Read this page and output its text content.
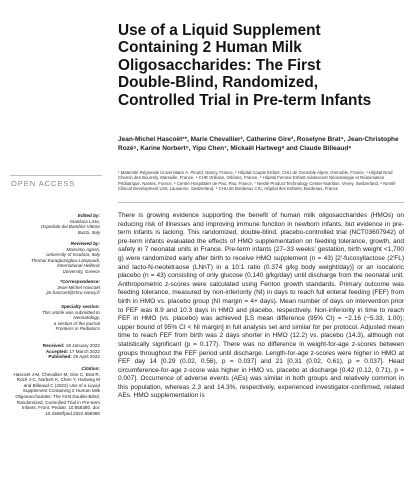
Use of a Liquid Supplement
Containing 2 Human Milk
Oligosaccharides: The First
Double-Blind, Randomized,
Controlled Trial in Pre-term Infants
Jean-Michel Hascoët¹*, Marie Chevallier², Catherine Gire³, Roselyne Brat⁴, Jean-Christophe Rozé⁵, Karine Norbert⁶, Yipu Chen⁷, Mickaël Hartweg⁸ and Claude Billeaud⁹
¹ Maternité Régionale Universitaire A. Pinard, Nancy, France, ² Hôpital Couple Enfant, CHU de Grenoble Alpes, Grenoble, France, ³ Hôpital Nord Chemin des Bourrely, Marseille, France, ⁴ CHR Orléans, Orléans, France, ⁵ Hôpital Femme Enfant Adolescent Néonatologie et Réanimation Pédiatrique, Nantes, France, ⁶ Centre Hospitalier de Pau, Pau, France, ⁷ Nestlé Product Technology Center-Nutrition, Vevey, Switzerland, ⁸ Nestlé Clinical Development Unit, Lausanne, Switzerland, ⁹ CHU de Bordeaux CIC, Hôpital des Enfants, Bordeaux, France
OPEN ACCESS
Edited by:
Gianluca Lista,
Ospedale dei Bambini Vittore
Buzzi, Italy
Reviewed by:
Massimo Agosti,
University of Insubria, Italy
Thomai Karagiozoglou-Lampoudi,
International Hellenic
University, Greece
*Correspondence:
Jean-Michel Hascoët
jm.hascoet@chru-nancy.fr
Specialty section:
This article was submitted to
Neonatology,
a section of the journal
Frontiers in Pediatrics
Received: 19 January 2022
Accepted: 17 March 2022
Published: 25 April 2022
Citation:
Hascoët J-M, Chevallier M, Gire C, Brat R, Rozé J-C, Norbert K, Chen Y, Hartweg M and Billeaud C (2022) Use of a Liquid Supplement Containing 2 Human Milk Oligosaccharides: The First Double-Blind, Randomized, Controlled Trial in Pre-term Infants. Front. Pediatr. 10:858380. doi: 10.3389/fped.2022.858380

There is growing evidence supporting the benefit of human milk oligosaccharides (HMOs) on reducing risk of illnesses and improving immune function in newborn infants, but evidence in pre-term infants is lacking. This randomized, double-blind, placebo-controlled trial (NCT03607942) of pre-term infants evaluated the effects of HMO supplementation on feeding tolerance, growth, and safety in 7 neonatal units in France. Pre-term infants (27–33 weeks' gestation, birth weight <1,700 g) were randomized early after birth to receive HMO supplement (n = 43) [2′-fucosyllactose (2′FL) and lacto-N-neotetraose (LNnT) in a 10:1 ratio (0.374 g/kg body weight/day)] or an isocaloric placebo (n = 43) consisting of only glucose (0.140 g/kg/day) until discharge from the neonatal unit. Anthropometric z-scores were calculated using Fenton growth standards. Primary outcome was feeding tolerance, measured by non-inferiority (NI) in days to reach full enteral feeding (FEF) from birth in HMO vs. placebo group (NI margin = 4+ days). Mean number of days on intervention prior to FEF was 8.9 and 10.3 days in HMO and placebo, respectively. Non-inferiority in time to reach FEF in HMO (vs. placebo) was achieved [LS mean difference (95% CI) = −2.16 (−5.33, 1.00); upper bound of 95% CI < NI margin] in full analysis set and similar for per protocol. Adjusted mean time to reach FEF from birth was 2 days shorter in HMO (12.2) vs. placebo (14.3), although not statistically significant (p = 0.177). There was no difference in weight-for-age z-scores between groups throughout the FEF period until discharge. Length-for-age z-scores were higher in HMO at FEF day 14 [0.29 (0.02, 0.56), p = 0.037] and 21 [0.31 (0.02, 0.61), p = 0.037]. Head circumference-for-age z-score was higher in HMO vs. placebo at discharge [0.42 (0.12, 0.71), p = 0.007]. Occurrence of adverse events (AEs) was similar in both groups and relatively common in this population, whereas 2.3 and 14.3%, respectively, experienced investigator-confirmed, related AEs. HMO supplementation is
